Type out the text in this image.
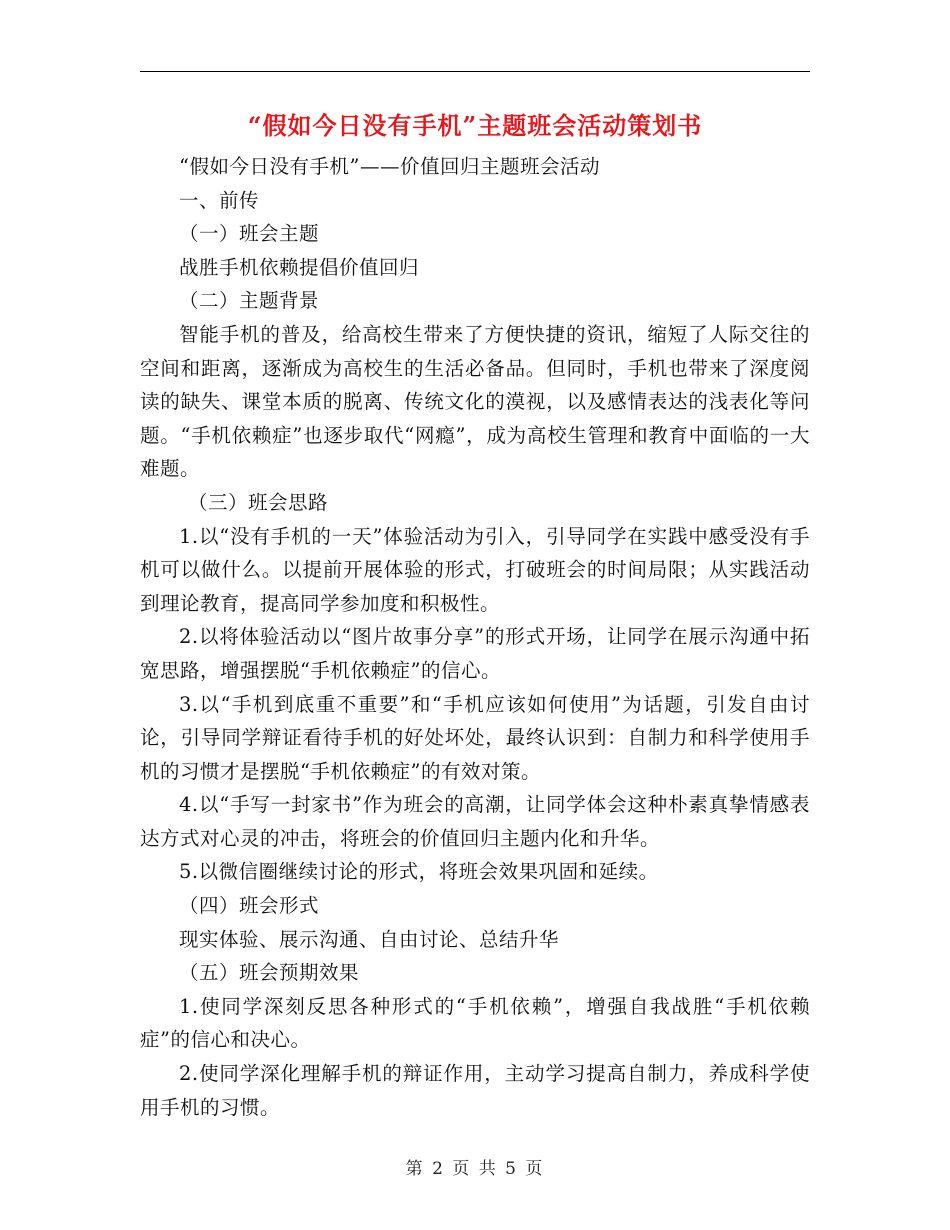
“假如今日没有手机”主题班会活动策划书

“假如今日没有手机”——价值回归主题班会活动

一、前传

（一）班会主题

战胜手机依赖提倡价值回归

（二）主题背景

智能手机的普及，给高校生带来了方便快捷的资讯，缩短了人际交往的空间和距离，逐渐成为高校生的生活必备品。但同时，手机也带来了深度阅读的缺失、课堂本质的脱离、传统文化的漠视，以及感情表达的浅表化等问题。“手机依赖症”也逐步取代“网瘾”，成为高校生管理和教育中面临的一大难题。

（三）班会思路

1.以“没有手机的一天”体验活动为引入，引导同学在实践中感受没有手机可以做什么。以提前开展体验的形式，打破班会的时间局限；从实践活动到理论教育，提高同学参加度和积极性。

2.以将体验活动以“图片故事分享”的形式开场，让同学在展示沟通中拓宽思路，增强摆脱“手机依赖症”的信心。

3.以“手机到底重不重要”和“手机应该如何使用”为话题，引发自由讨论，引导同学辩证看待手机的好处坏处，最终认识到：自制力和科学使用手机的习惯才是摆脱“手机依赖症”的有效对策。

4.以“手写一封家书”作为班会的高潮，让同学体会这种朴素真挚情感表达方式对心灵的冲击，将班会的价值回归主题内化和升华。

5.以微信圈继续讨论的形式，将班会效果巩固和延续。

（四）班会形式

现实体验、展示沟通、自由讨论、总结升华

（五）班会预期效果

1.使同学深刻反思各种形式的“手机依赖”，增强自我战胜“手机依赖症”的信心和决心。

2.使同学深化理解手机的辩证作用，主动学习提高自制力，养成科学使用手机的习惯。

第 2 页 共 5 页
